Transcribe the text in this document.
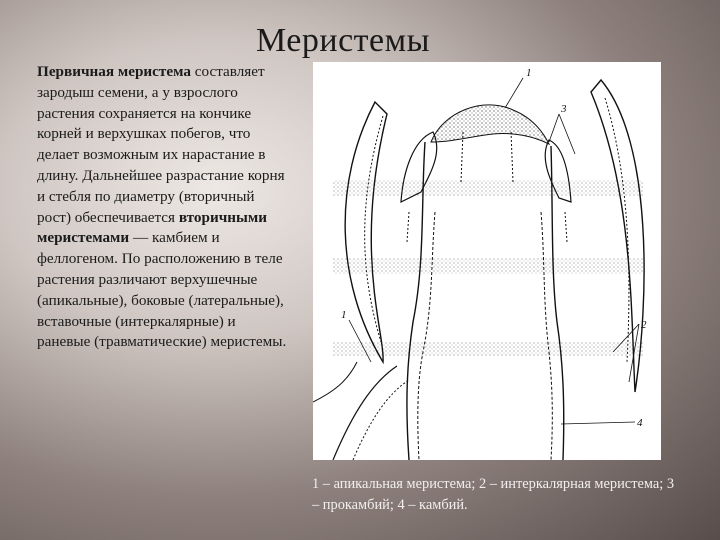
Меристемы
Первичная меристема составляет зародыш семени, а у взрослого растения сохраняется на кончике корней и верхушках побегов, что делает возможным их нарастание в длину. Дальнейшее разрастание корня и стебля по диаметру (вторичный рост) обеспечивается вторичными меристемами — камбием и феллогеном. По расположению в теле растения различают верхушечные (апикальные), боковые (латеральные), вставочные (интеркалярные) и раневые (травматические) меристемы.
1
3
1
2
4
1 – апикальная меристема; 2 – интеркалярная меристема; 3 – прокамбий; 4 – камбий.
